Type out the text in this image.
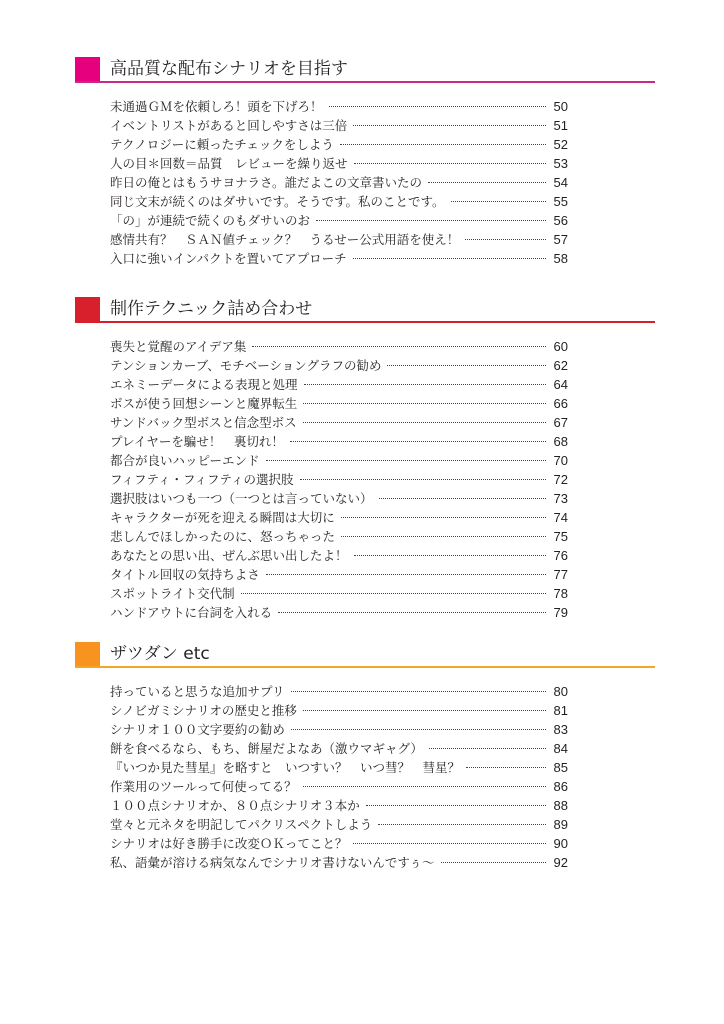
高品質な配布シナリオを目指す
未通過ＧＭを依頼しろ！頭を下げろ！	50
イベントリストがあると回しやすさは三倍	51
テクノロジーに頼ったチェックをしよう	52
人の目＊回数＝品質　レビューを繰り返せ	53
昨日の俺とはもうサヨナラさ。誰だよこの文章書いたの	54
同じ文末が続くのはダサいです。そうです。私のことです。	55
「の」が連続で続くのもダサいのお	56
感情共有？　ＳＡＮ値チェック？　うるせー公式用語を使え！	57
入口に強いインパクトを置いてアプローチ	58
制作テクニック詰め合わせ
喪失と覚醒のアイデア集	60
テンションカーブ、モチベーショングラフの勧め	62
エネミーデータによる表現と処理	64
ボスが使う回想シーンと魔界転生	66
サンドバック型ボスと信念型ボス	67
プレイヤーを騙せ！　裏切れ！	68
都合が良いハッピーエンド	70
フィフティ・フィフティの選択肢	72
選択肢はいつも一つ（一つとは言っていない）	73
キャラクターが死を迎える瞬間は大切に	74
悲しんでほしかったのに、怒っちゃった	75
あなたとの思い出、ぜんぶ思い出したよ！	76
タイトル回収の気持ちよさ	77
スポットライト交代制	78
ハンドアウトに台詞を入れる	79
ザツダン etc
持っていると思うな追加サプリ	80
シノビガミシナリオの歴史と推移	81
シナリオ１００文字要約の勧め	83
餅を食べるなら、もち、餅屋だよなあ（激ウマギャグ）	84
『いつか見た彗星』を略すと　いつすい？　いつ彗？　彗星？	85
作業用のツールって何使ってる？	86
１００点シナリオか、８０点シナリオ３本か	88
堂々と元ネタを明記してパクリスペクトしよう	89
シナリオは好き勝手に改変ＯＫってこと？	90
私、語彙が溶ける病気なんでシナリオ書けないんですぅ～	92
